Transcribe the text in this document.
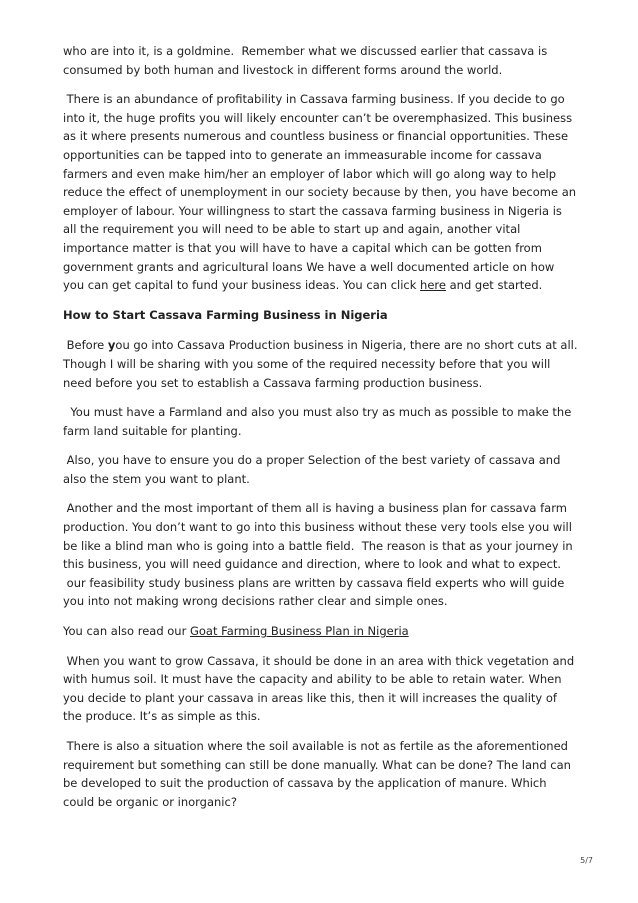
who are into it, is a goldmine.  Remember what we discussed earlier that cassava is consumed by both human and livestock in different forms around the world.

There is an abundance of profitability in Cassava farming business. If you decide to go into it, the huge profits you will likely encounter can’t be overemphasized. This business as it where presents numerous and countless business or financial opportunities. These opportunities can be tapped into to generate an immeasurable income for cassava farmers and even make him/her an employer of labor which will go along way to help reduce the effect of unemployment in our society because by then, you have become an employer of labour. Your willingness to start the cassava farming business in Nigeria is all the requirement you will need to be able to start up and again, another vital importance matter is that you will have to have a capital which can be gotten from government grants and agricultural loans We have a well documented article on how you can get capital to fund your business ideas. You can click here and get started.

How to Start Cassava Farming Business in Nigeria

Before you go into Cassava Production business in Nigeria, there are no short cuts at all. Though I will be sharing with you some of the required necessity before that you will need before you set to establish a Cassava farming production business.

You must have a Farmland and also you must also try as much as possible to make the farm land suitable for planting.

Also, you have to ensure you do a proper Selection of the best variety of cassava and also the stem you want to plant.

Another and the most important of them all is having a business plan for cassava farm production. You don’t want to go into this business without these very tools else you will be like a blind man who is going into a battle field.  The reason is that as your journey in this business, you will need guidance and direction, where to look and what to expect.
our feasibility study business plans are written by cassava field experts who will guide you into not making wrong decisions rather clear and simple ones.

You can also read our Goat Farming Business Plan in Nigeria

When you want to grow Cassava, it should be done in an area with thick vegetation and with humus soil. It must have the capacity and ability to be able to retain water. When you decide to plant your cassava in areas like this, then it will increases the quality of the produce. It’s as simple as this.

There is also a situation where the soil available is not as fertile as the aforementioned requirement but something can still be done manually. What can be done? The land can be developed to suit the production of cassava by the application of manure. Which could be organic or inorganic?

5/7
